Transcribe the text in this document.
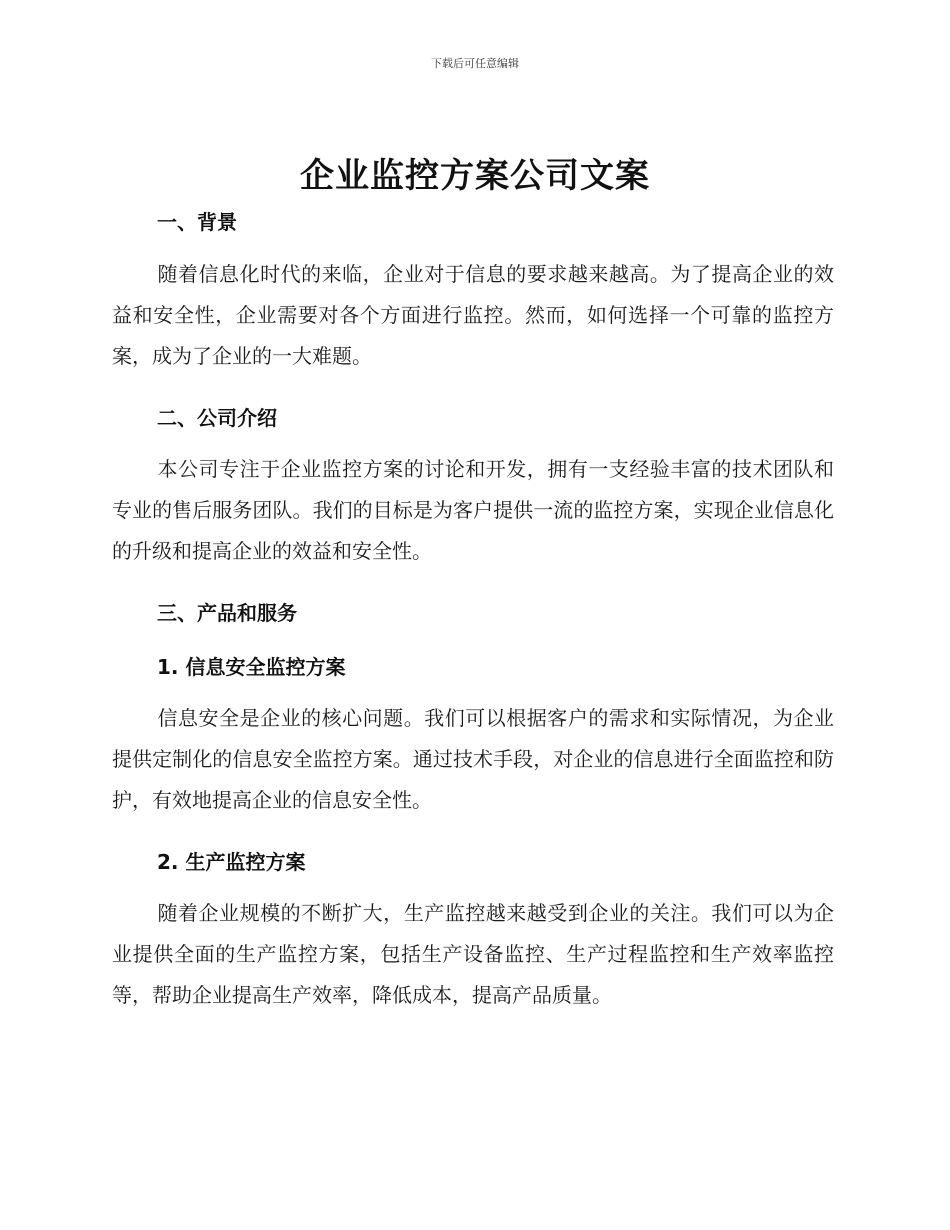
下载后可任意编辑
企业监控方案公司文案
一、背景
随着信息化时代的来临，企业对于信息的要求越来越高。为了提高企业的效益和安全性，企业需要对各个方面进行监控。然而，如何选择一个可靠的监控方案，成为了企业的一大难题。
二、公司介绍
本公司专注于企业监控方案的讨论和开发，拥有一支经验丰富的技术团队和专业的售后服务团队。我们的目标是为客户提供一流的监控方案，实现企业信息化的升级和提高企业的效益和安全性。
三、产品和服务
1. 信息安全监控方案
信息安全是企业的核心问题。我们可以根据客户的需求和实际情况，为企业提供定制化的信息安全监控方案。通过技术手段，对企业的信息进行全面监控和防护，有效地提高企业的信息安全性。
2. 生产监控方案
随着企业规模的不断扩大，生产监控越来越受到企业的关注。我们可以为企业提供全面的生产监控方案，包括生产设备监控、生产过程监控和生产效率监控等，帮助企业提高生产效率，降低成本，提高产品质量。
